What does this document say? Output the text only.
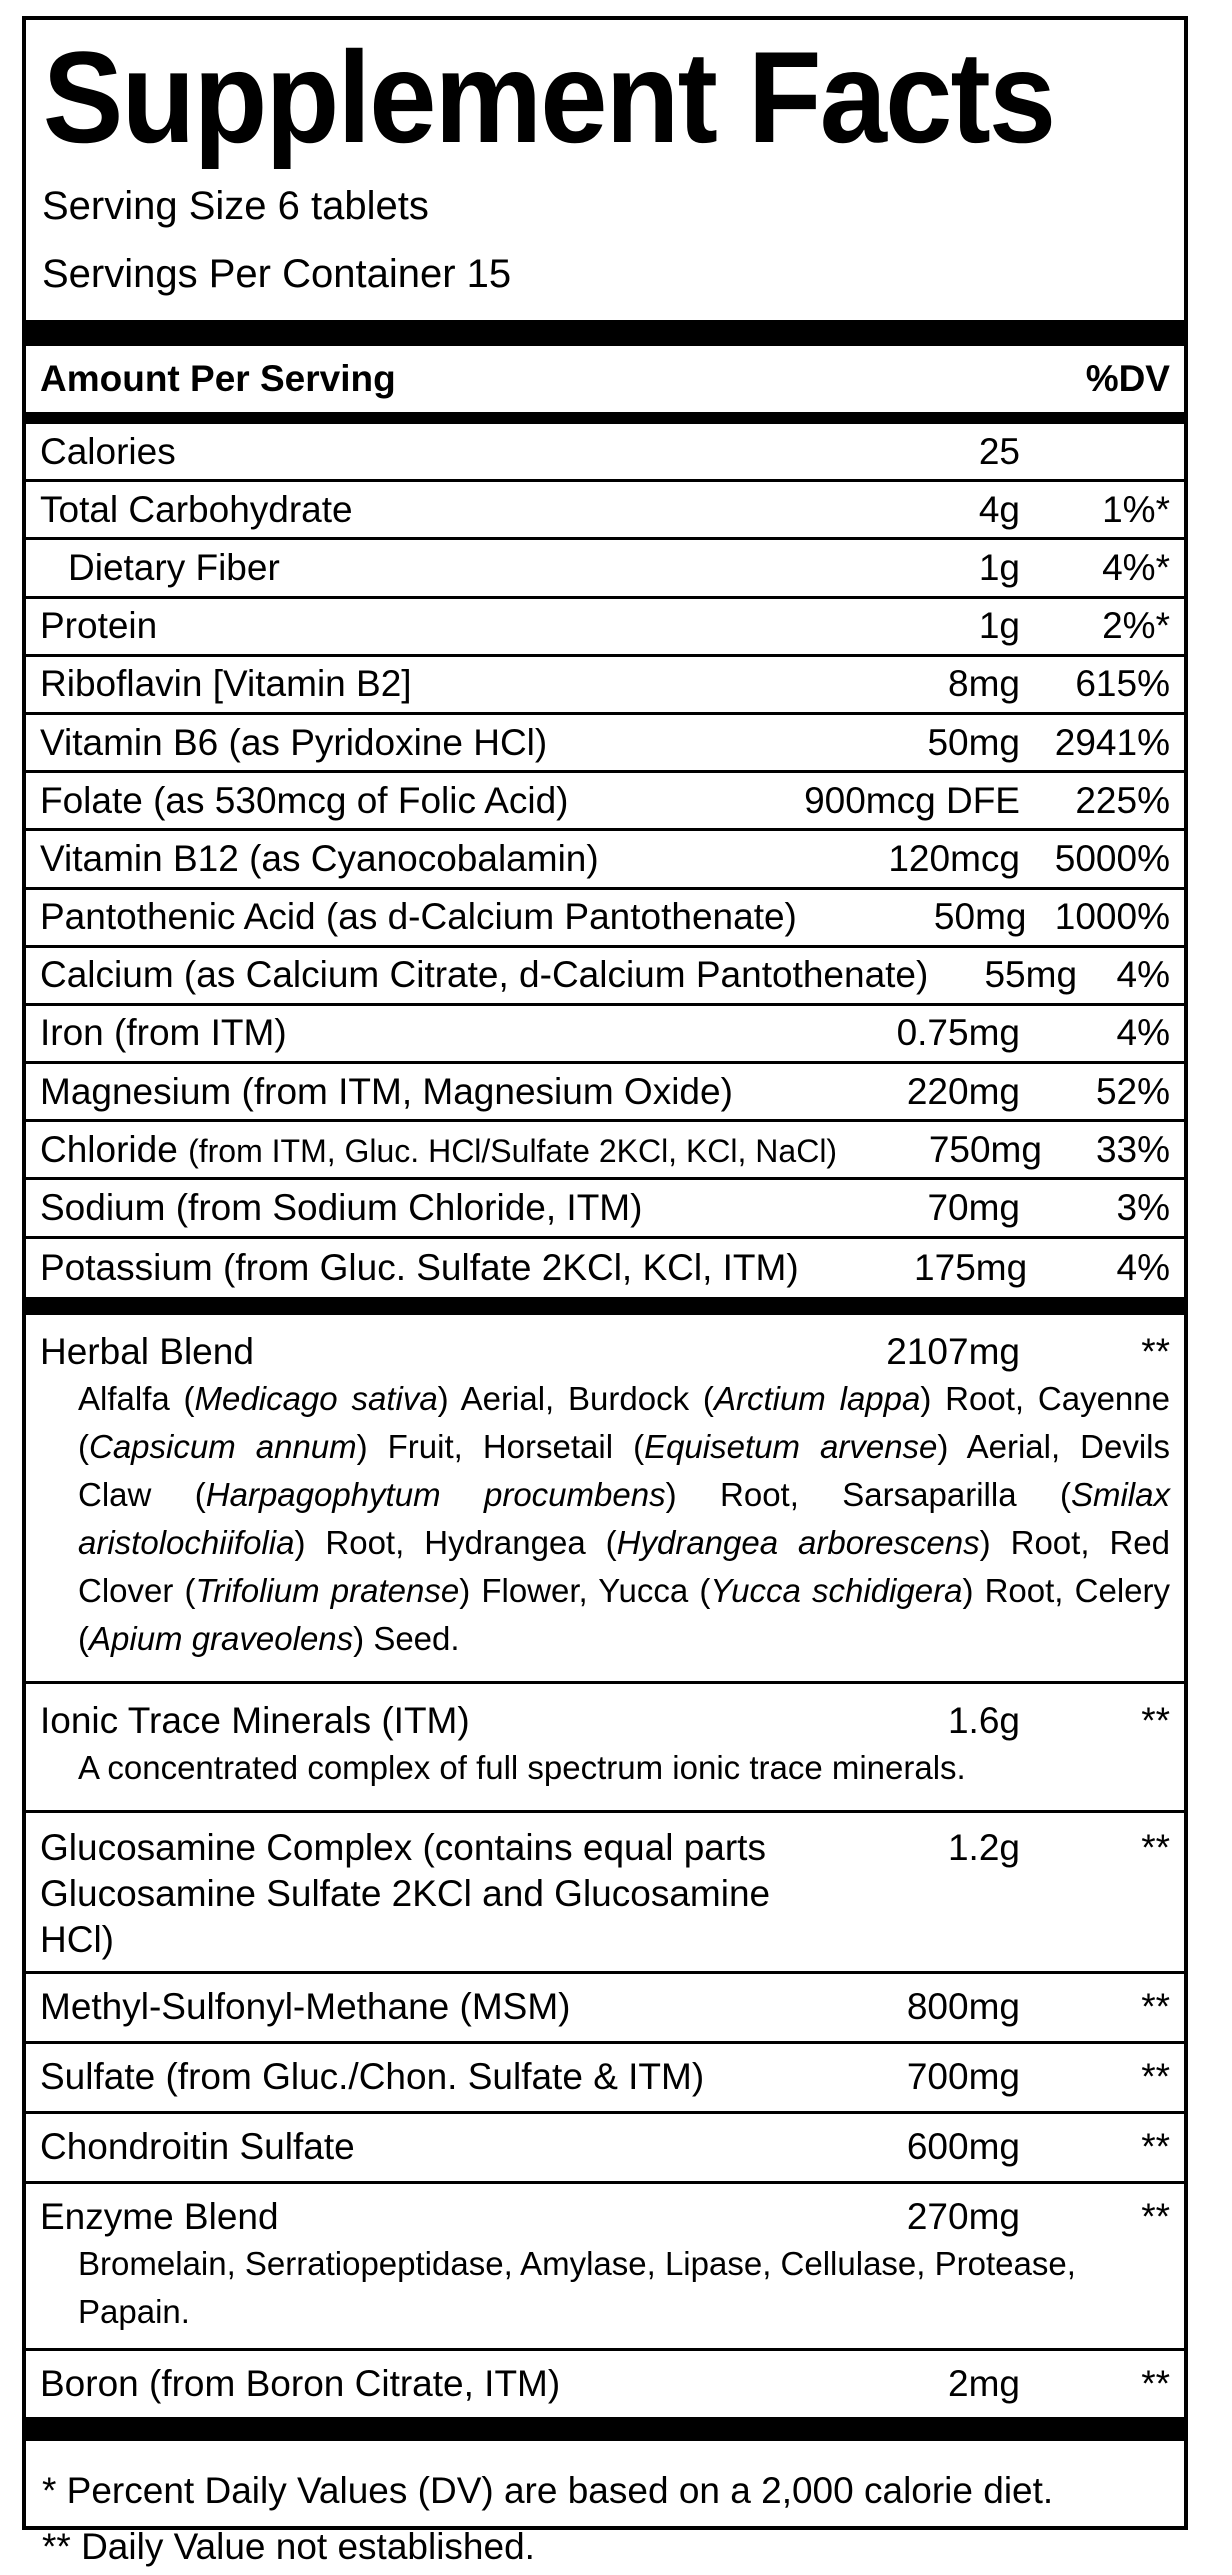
Supplement Facts
Serving Size 6 tablets
Servings Per Container 15
Amount Per Serving	%DV
Calories	25
Total Carbohydrate	4g	1%*
Dietary Fiber	1g	4%*
Protein	1g	2%*
Riboflavin [Vitamin B2]	8mg	615%
Vitamin B6 (as Pyridoxine HCl)	50mg 2941%
Folate (as 530mcg of Folic Acid)	900mcg DFE	225%
Vitamin B12 (as Cyanocobalamin)	120mcg 5000%
Pantothenic Acid (as d-Calcium Pantothenate)	50mg 1000%
Calcium (as Calcium Citrate, d-Calcium Pantothenate)	55mg	4%
Iron (from ITM)	0.75mg	4%
Magnesium (from ITM, Magnesium Oxide)	220mg	52%
Chloride (from ITM, Gluc. HCl/Sulfate 2KCl, KCl, NaCl)	750mg	33%
Sodium (from Sodium Chloride, ITM)	70mg	3%
Potassium (from Gluc. Sulfate 2KCl, KCl, ITM)	175mg	4%
Herbal Blend	2107mg	**
Alfalfa (Medicago sativa) Aerial, Burdock (Arctium lappa) Root, Cayenne (Capsicum annum) Fruit, Horsetail (Equisetum arvense) Aerial, Devils Claw (Harpagophytum procumbens) Root, Sarsaparilla (Smilax aristolochiifolia) Root, Hydrangea (Hydrangea arborescens) Root, Red Clover (Trifolium pratense) Flower, Yucca (Yucca schidigera) Root, Celery (Apium graveolens) Seed.
Ionic Trace Minerals (ITM)	1.6g	**
A concentrated complex of full spectrum ionic trace minerals.
Glucosamine Complex (contains equal parts
Glucosamine Sulfate 2KCl and Glucosamine HCl)
1.2g	**
Methyl-Sulfonyl-Methane (MSM)	800mg	**
Sulfate (from Gluc./Chon. Sulfate & ITM)	700mg	**
Chondroitin Sulfate	600mg	**
Enzyme Blend	270mg	**
Bromelain, Serratiopeptidase, Amylase, Lipase, Cellulase, Protease, Papain.
Boron (from Boron Citrate, ITM)	2mg	**
* Percent Daily Values (DV) are based on a 2,000 calorie diet.
** Daily Value not established.
